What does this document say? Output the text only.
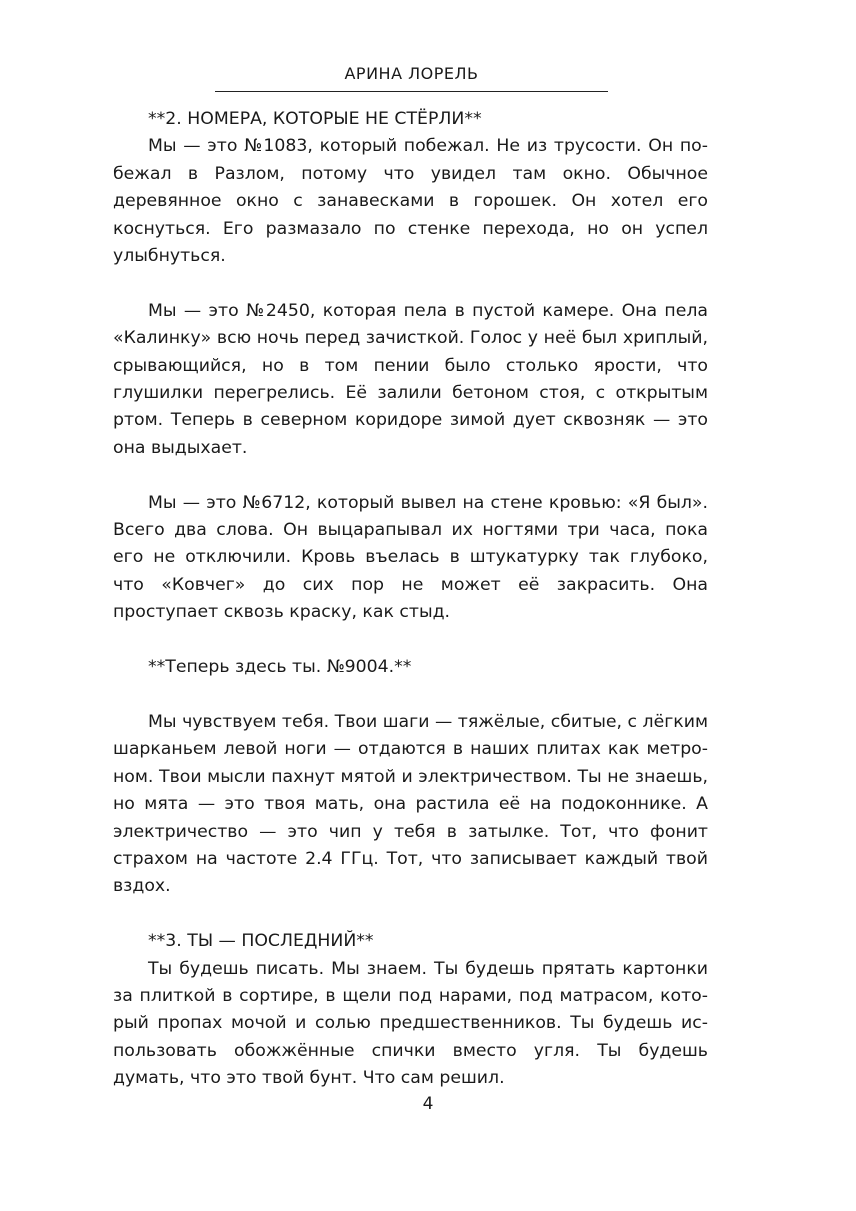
АРИНА ЛОРЕЛЬ

**2. НОМЕРА, КОТОРЫЕ НЕ СТЁРЛИ**

Мы — это №1083, который побежал. Не из трусости. Он побежал в Разлом, потому что увидел там окно. Обычное деревянное окно с занавесками в горошек. Он хотел его коснуться. Его размазало по стенке перехода, но он успел улыбнуться.

Мы — это №2450, которая пела в пустой камере. Она пела «Калинку» всю ночь перед зачисткой. Голос у неё был хриплый, срывающийся, но в том пении было столько ярости, что глушилки перегрелись. Её залили бетоном стоя, с открытым ртом. Теперь в северном коридоре зимой дует сквозняк — это она выдыхает.

Мы — это №6712, который вывел на стене кровью: «Я был». Всего два слова. Он выцарапывал их ногтями три часа, пока его не отключили. Кровь въелась в штукатурку так глубоко, что «Ковчег» до сих пор не может её закрасить. Она проступает сквозь краску, как стыд.

**Теперь здесь ты. №9004.**

Мы чувствуем тебя. Твои шаги — тяжёлые, сбитые, с лёгким шарканьем левой ноги — отдаются в наших плитах как метроном. Твои мысли пахнут мятой и электричеством. Ты не знаешь, но мята — это твоя мать, она растила её на подоконнике. А электричество — это чип у тебя в затылке. Тот, что фонит страхом на частоте 2.4 ГГц. Тот, что записывает каждый твой вздох.

**3. ТЫ — ПОСЛЕДНИЙ**

Ты будешь писать. Мы знаем. Ты будешь прятать картонки за плиткой в сортире, в щели под нарами, под матрасом, который пропах мочой и солью предшественников. Ты будешь использовать обожжённые спички вместо угля. Ты будешь думать, что это твой бунт. Что сам решил.

4
